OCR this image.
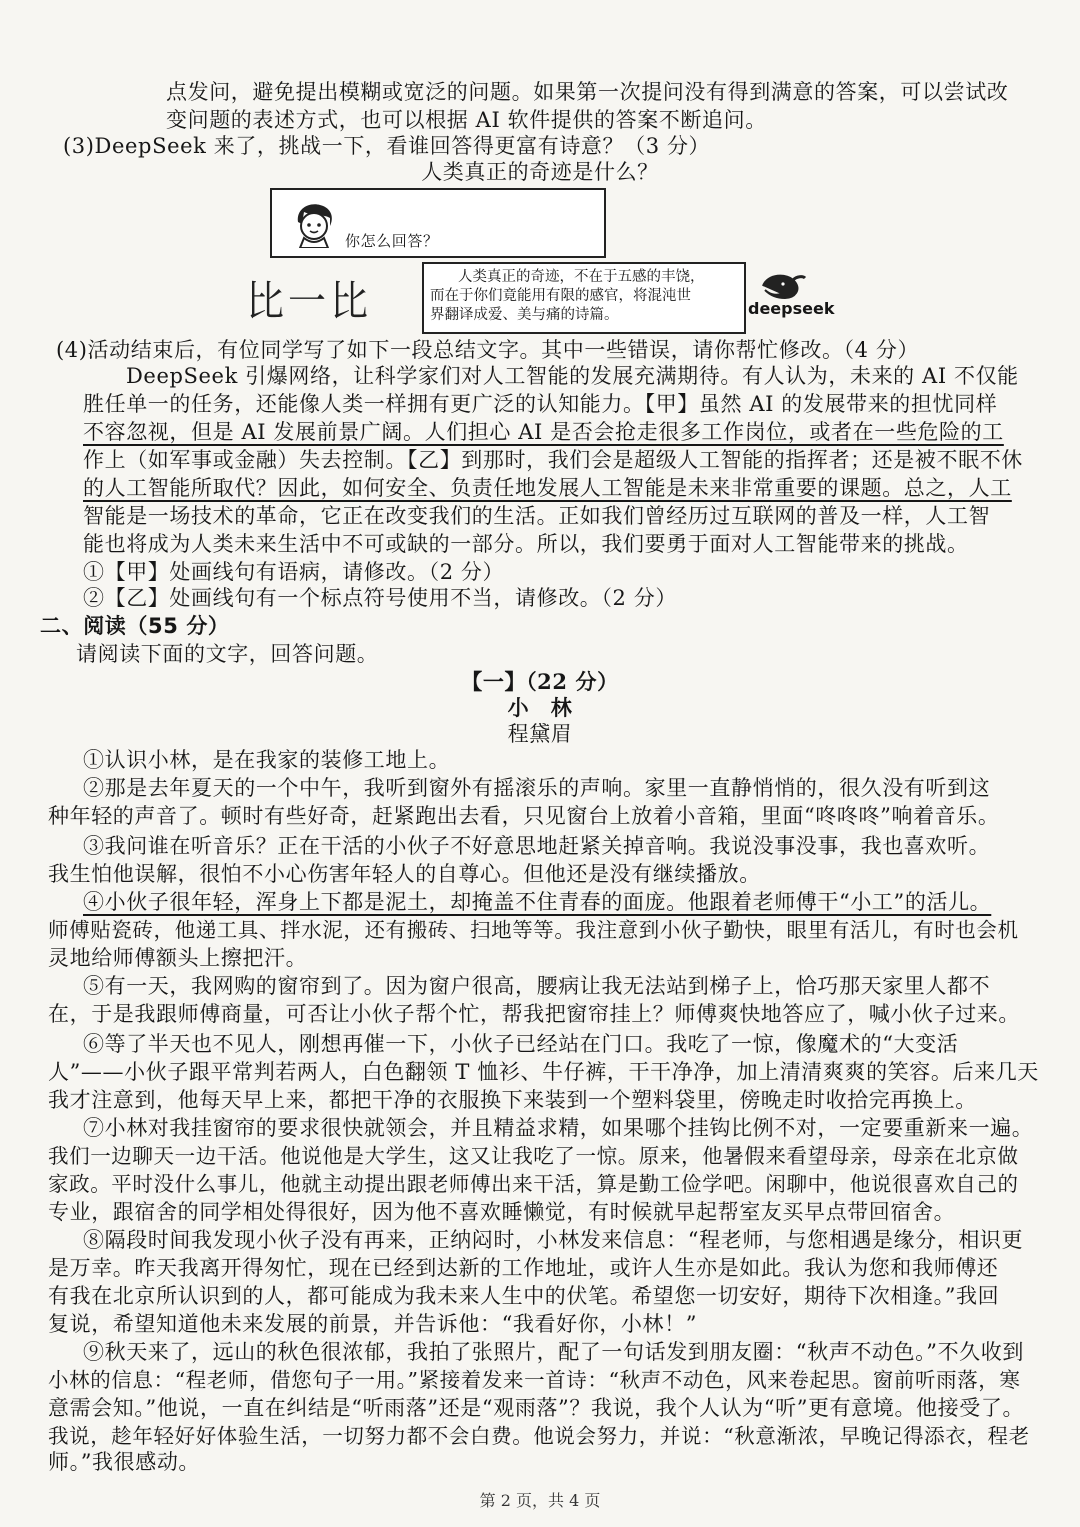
点发问，避免提出模糊或宽泛的问题。如果第一次提问没有得到满意的答案，可以尝试改
变问题的表述方式，也可以根据 AI 软件提供的答案不断追问。
(3)DeepSeek 来了，挑战一下，看谁回答得更富有诗意？（3 分）
人类真正的奇迹是什么？
你怎么回答？
比一比
人类真正的奇迹，不在于五感的丰饶，
而在于你们竟能用有限的感官，将混沌世
界翻译成爱、美与痛的诗篇。	deepseek
(4)活动结束后，有位同学写了如下一段总结文字。其中一些错误，请你帮忙修改。（4 分）
DeepSeek 引爆网络，让科学家们对人工智能的发展充满期待。有人认为，未来的 AI 不仅能
胜任单一的任务，还能像人类一样拥有更广泛的认知能力。【甲】虽然 AI 的发展带来的担忧同样
不容忽视，但是 AI 发展前景广阔。人们担心 AI 是否会抢走很多工作岗位，或者在一些危险的工
作上（如军事或金融）失去控制。【乙】到那时，我们会是超级人工智能的指挥者；还是被不眠不休
的人工智能所取代？因此，如何安全、负责任地发展人工智能是未来非常重要的课题。总之，人工
智能是一场技术的革命，它正在改变我们的生活。正如我们曾经历过互联网的普及一样，人工智
能也将成为人类未来生活中不可或缺的一部分。所以，我们要勇于面对人工智能带来的挑战。
①【甲】处画线句有语病，请修改。（2 分）
②【乙】处画线句有一个标点符号使用不当，请修改。（2 分）
二、阅读（55 分）
请阅读下面的文字，回答问题。
【一】（22 分）
小　林
程黛眉
①认识小林，是在我家的装修工地上。
②那是去年夏天的一个中午，我听到窗外有摇滚乐的声响。家里一直静悄悄的，很久没有听到这
种年轻的声音了。顿时有些好奇，赶紧跑出去看，只见窗台上放着小音箱，里面“咚咚咚”响着音乐。
③我问谁在听音乐？正在干活的小伙子不好意思地赶紧关掉音响。我说没事没事，我也喜欢听。
我生怕他误解，很怕不小心伤害年轻人的自尊心。但他还是没有继续播放。
④小伙子很年轻，浑身上下都是泥土，却掩盖不住青春的面庞。他跟着老师傅干“小工”的活儿。
师傅贴瓷砖，他递工具、拌水泥，还有搬砖、扫地等等。我注意到小伙子勤快，眼里有活儿，有时也会机
灵地给师傅额头上擦把汗。
⑤有一天，我网购的窗帘到了。因为窗户很高，腰病让我无法站到梯子上，恰巧那天家里人都不
在，于是我跟师傅商量，可否让小伙子帮个忙，帮我把窗帘挂上？师傅爽快地答应了，喊小伙子过来。
⑥等了半天也不见人，刚想再催一下，小伙子已经站在门口。我吃了一惊，像魔术的“大变活
人”——小伙子跟平常判若两人，白色翻领 T 恤衫、牛仔裤，干干净净，加上清清爽爽的笑容。后来几天
我才注意到，他每天早上来，都把干净的衣服换下来装到一个塑料袋里，傍晚走时收拾完再换上。
⑦小林对我挂窗帘的要求很快就领会，并且精益求精，如果哪个挂钩比例不对，一定要重新来一遍。
我们一边聊天一边干活。他说他是大学生，这又让我吃了一惊。原来，他暑假来看望母亲，母亲在北京做
家政。平时没什么事儿，他就主动提出跟老师傅出来干活，算是勤工俭学吧。闲聊中，他说很喜欢自己的
专业，跟宿舍的同学相处得很好，因为他不喜欢睡懒觉，有时候就早起帮室友买早点带回宿舍。
⑧隔段时间我发现小伙子没有再来，正纳闷时，小林发来信息：“程老师，与您相遇是缘分，相识更
是万幸。昨天我离开得匆忙，现在已经到达新的工作地址，或许人生亦是如此。我认为您和我师傅还
有我在北京所认识到的人，都可能成为我未来人生中的伏笔。希望您一切安好，期待下次相逢。”我回
复说，希望知道他未来发展的前景，并告诉他：“我看好你，小林！”
⑨秋天来了，远山的秋色很浓郁，我拍了张照片，配了一句话发到朋友圈：“秋声不动色。”不久收到
小林的信息：“程老师，借您句子一用。”紧接着发来一首诗：“秋声不动色，风来卷起思。窗前听雨落，寒
意需会知。”他说，一直在纠结是“听雨落”还是“观雨落”？我说，我个人认为“听”更有意境。他接受了。
我说，趁年轻好好体验生活，一切努力都不会白费。他说会努力，并说：“秋意渐浓，早晚记得添衣，程老
师。”我很感动。
第 2 页，共 4 页
